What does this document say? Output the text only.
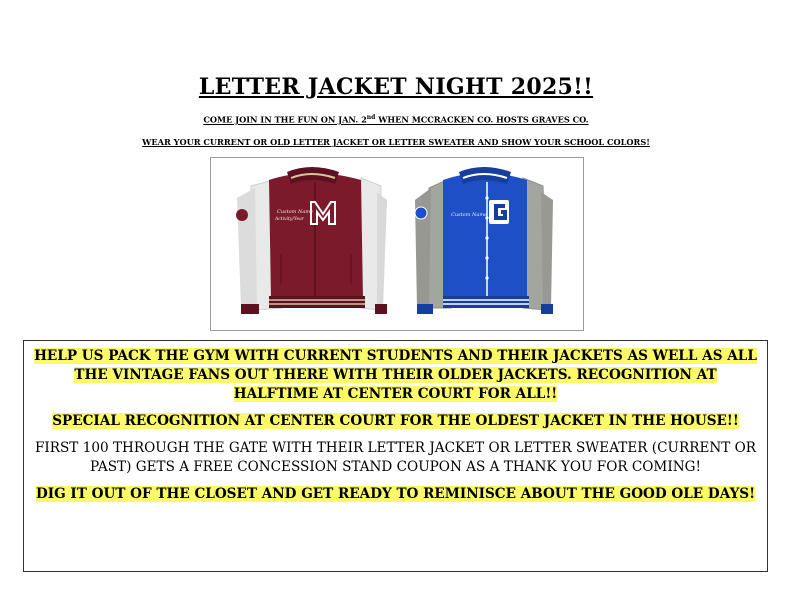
LETTER JACKET NIGHT 2025!!
COME JOIN IN THE FUN ON JAN. 2nd WHEN MCCRACKEN CO. HOSTS GRAVES CO.
WEAR YOUR CURRENT OR OLD LETTER JACKET OR LETTER SWEATER AND SHOW YOUR SCHOOL COLORS!
Custom Name
Activity/Year
Custom Name

HELP US PACK THE GYM WITH CURRENT STUDENTS AND THEIR JACKETS AS WELL AS ALL THE VINTAGE FANS OUT THERE WITH THEIR OLDER JACKETS. RECOGNITION AT HALFTIME AT CENTER COURT FOR ALL!!

SPECIAL RECOGNITION AT CENTER COURT FOR THE OLDEST JACKET IN THE HOUSE!!

FIRST 100 THROUGH THE GATE WITH THEIR LETTER JACKET OR LETTER SWEATER (CURRENT OR PAST) GETS A FREE CONCESSION STAND COUPON AS A THANK YOU FOR COMING!

DIG IT OUT OF THE CLOSET AND GET READY TO REMINISCE ABOUT THE GOOD OLE DAYS!
